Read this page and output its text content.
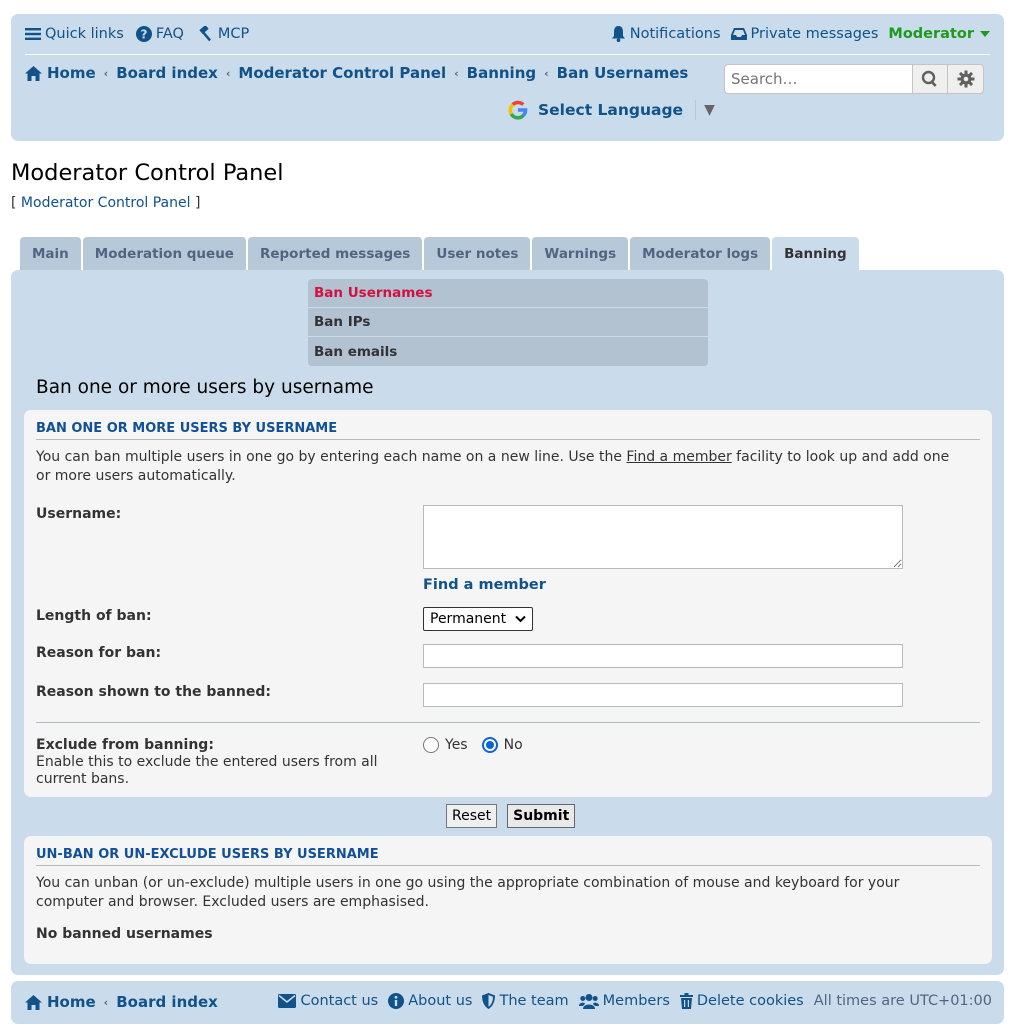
Quick links ? FAQ MCP	Notifications Private messages Moderator
Home ‹ Board index ‹ Moderator Control Panel ‹ Banning ‹ Ban Usernames
Search…
Select Language ▼
Moderator Control Panel
[ Moderator Control Panel ]
Main	Moderation queue	Reported messages	User notes	Warnings	Moderator logs	Banning
Ban Usernames
Ban IPs
Ban emails
Ban one or more users by username
BAN ONE OR MORE USERS BY USERNAME
You can ban multiple users in one go by entering each name on a new line. Use the Find a member facility to look up and add one or more users automatically.
Username:
Find a member
Length of ban:	Permanent
Reason for ban:
Reason shown to the banned:
Exclude from banning:
Enable this to exclude the entered users from all current bans.
Yes	No
Reset	Submit
UN-BAN OR UN-EXCLUDE USERS BY USERNAME
You can unban (or un-exclude) multiple users in one go using the appropriate combination of mouse and keyboard for your computer and browser. Excluded users are emphasised.
No banned usernames
Home ‹ Board index	Contact us About us The team Members Delete cookies All times are UTC+01:00
